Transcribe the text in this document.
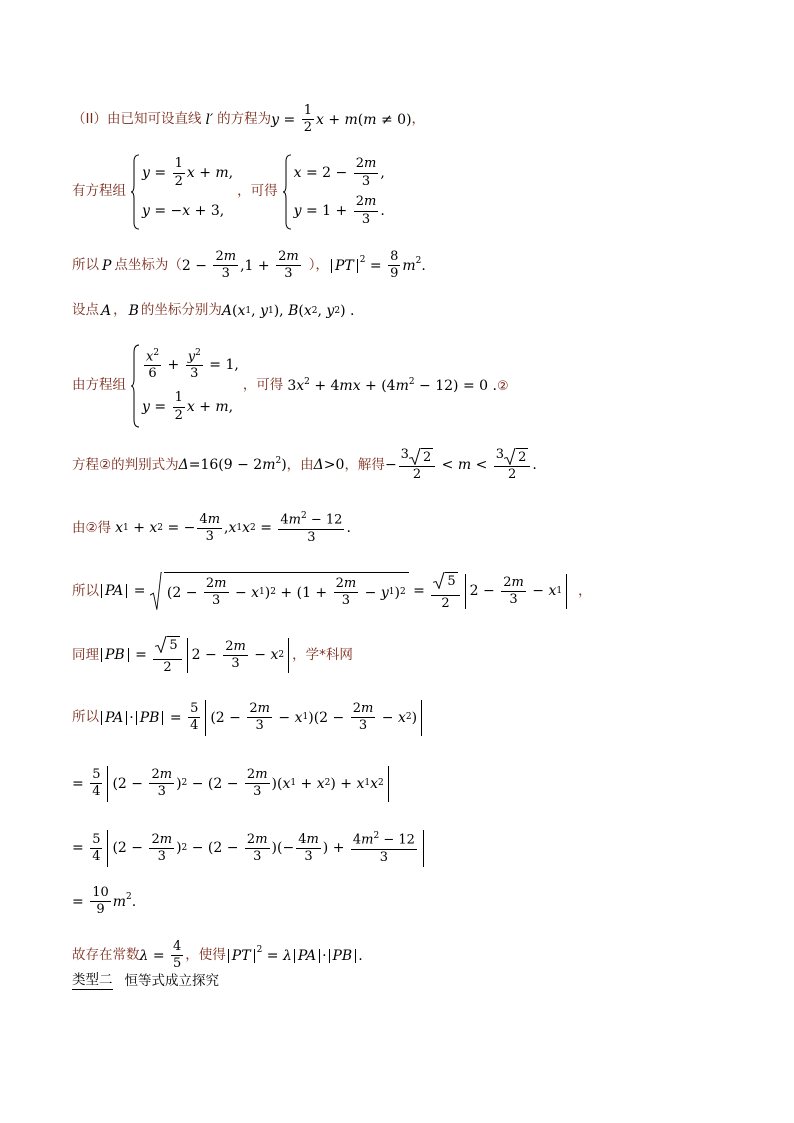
（II）由已知可设直线 l′ 的方程为 $y = \frac{1}{2}$ x + m ( m ≠ 0) ，
有方程组
$y = \frac{1}{2}$ x + m ,
y = − x + 3,
，可得
$x = 2 - \frac{2m}{3}$ ,
$y = 1 + \frac{2m}{3}$ .
所以 P 点坐标为（ $2 - \frac{2m}{3} ,1 + \frac{2m}{3}$ ）， PT $^2 = \frac{8}{9} m^2$ .
设点 A ， B 的坐标分别为 A ( x 1 , y 1 ), B ( x 2 , y 2 ) .
由方程组
$\frac{x^2}{6} + \frac{y^2}{3} = 1$,
$y = \frac{1}{2}$ x + m ,
，可得 3 $x^2 + 4$ mx + (4 $m^2 - 12) = 0$ . ②
方程②的判别式为 Δ =16(9 − 2 $m^2$ ) ，由 Δ >0 ，解得 − $\frac{3 2}{2} < m < \frac{3 2}{2}$ .
由②得 x 1 + x 2 = − $\frac{4m}{3}$ , x 1 x $2 = \frac{4m^2 - 12}{3}$ .
所以 PA = ($2 - \frac{2m}{3} - x$ 1 ) $2 + (1 + \frac{2m}{3} - y$ 1 ) $2 = \frac{5}{2} 2 - \frac{2m}{3} - x$ 1 ，
同理 PB = $\frac{5}{2} 2 - \frac{2m}{3} - x$ 2 ，学*科网
所以 PA · PB = $\frac{5}{4} (2 - \frac{2m}{3} - x$ 1 )($2 - \frac{2m}{3} - x$ 2 )
= $\frac{5}{4} (2 - \frac{2m}{3}$ ) $2 - (2 - \frac{2m}{3}$ )( x 1 + x 2 ) + x 1 x 2
= $\frac{5}{4} (2 - \frac{2m}{3}$ ) $2 - (2 - \frac{2m}{3}$ )(− $\frac{4m}{3}$ ) + $\frac{4m^2 - 12}{3}$
= $\frac{10}{9} m^2$ .
故存在常数 $\lambda = \frac{4}{5}$ ，使得 PT $^2$ = λ PA · PB .
类型二 恒等式成立探究
